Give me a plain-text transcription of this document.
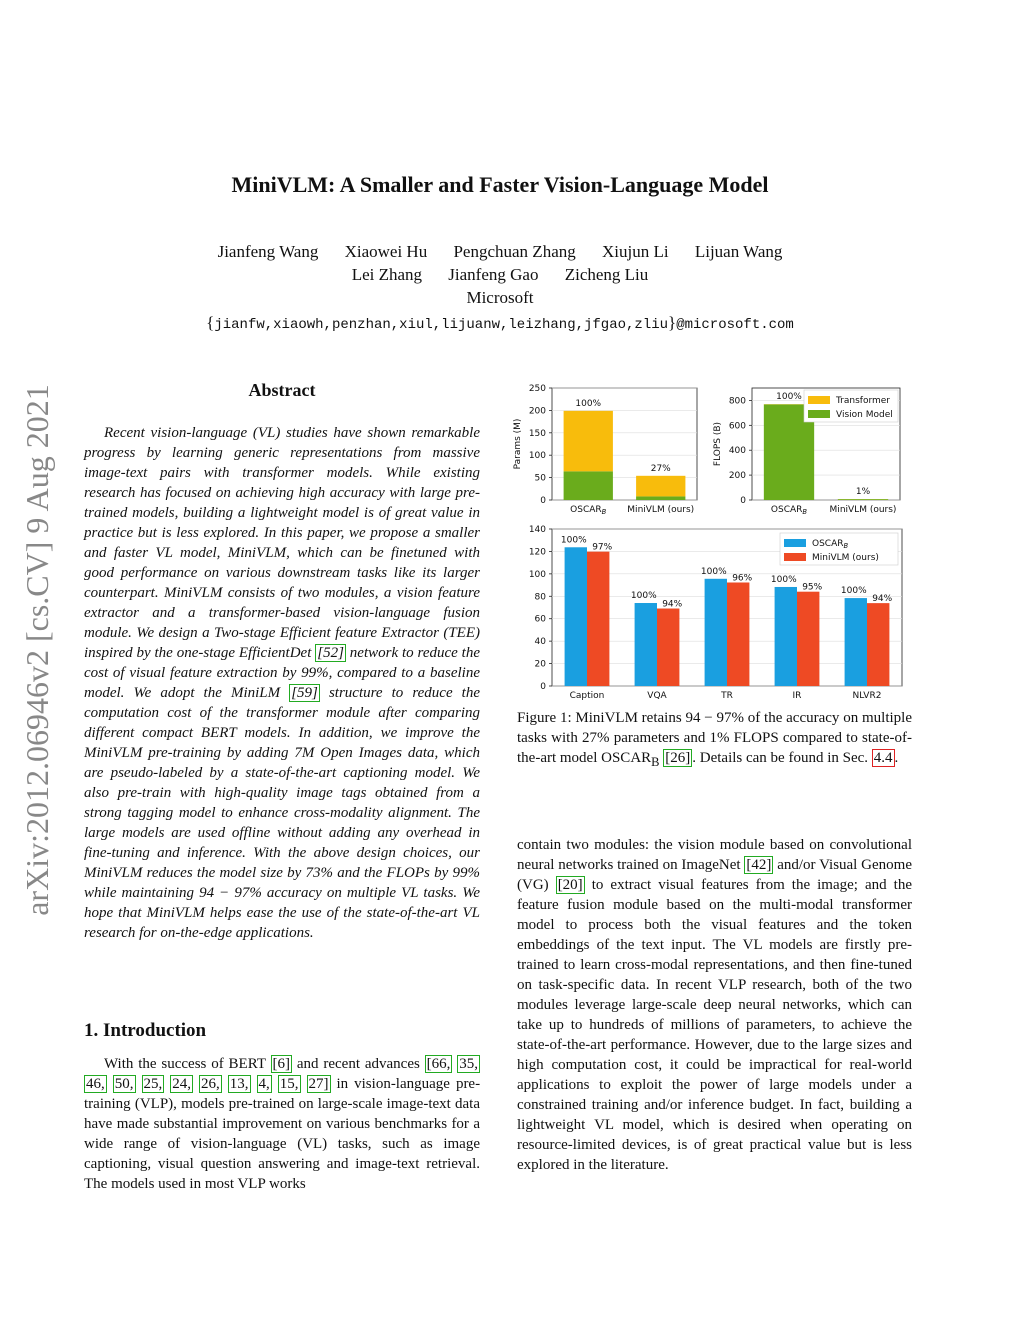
arXiv:2012.06946v2 [cs.CV] 9 Aug 2021
MiniVLM: A Smaller and Faster Vision-Language Model
Jianfeng Wang Xiaowei Hu Pengchuan Zhang Xiujun Li Lijuan Wang
Lei Zhang Jianfeng Gao Zicheng Liu
Microsoft
{jianfw,xiaowh,penzhan,xiul,lijuanw,leizhang,jfgao,zliu}@microsoft.com
Abstract
Recent vision-language (VL) studies have shown remarkable progress by learning generic representations from massive image-text pairs with transformer models. While existing research has focused on achieving high accuracy with large pre-trained models, building a lightweight model is of great value in practice but is less explored. In this paper, we propose a smaller and faster VL model, MiniVLM, which can be finetuned with good performance on various downstream tasks like its larger counterpart. MiniVLM consists of two modules, a vision feature extractor and a transformer-based vision-language fusion module. We design a Two-stage Efficient feature Extractor (TEE) inspired by the one-stage EfficientDet [52] network to reduce the cost of visual feature extraction by 99%, compared to a baseline model. We adopt the MiniLM [59] structure to reduce the computation cost of the transformer module after comparing different compact BERT models. In addition, we improve the MiniVLM pre-training by adding 7M Open Images data, which are pseudo-labeled by a state-of-the-art captioning model. We also pre-train with high-quality image tags obtained from a strong tagging model to enhance cross-modality alignment. The large models are used offline without adding any overhead in fine-tuning and inference. With the above design choices, our MiniVLM reduces the model size by 73% and the FLOPs by 99% while maintaining 94 − 97% accuracy on multiple VL tasks. We hope that MiniVLM helps ease the use of the state-of-the-art VL research for on-the-edge applications.
1. Introduction
With the success of BERT [6] and recent advances [66, 35, 46, 50, 25, 24, 26, 13, 4, 15, 27] in vision-language pre-training (VLP), models pre-trained on large-scale image-text data have made substantial improvement on various benchmarks for a wide range of vision-language (VL) tasks, such as image captioning, visual question answering and image-text retrieval. The models used in most VLP works
0
50
100
150
200
250
Params (M)
100%
$OSCAR_B$
27%
MiniVLM (ours)
0
200
400
600
800
FLOPS (B)
100%
$OSCAR_B$
1%
MiniVLM (ours)
Transformer
Vision Model
0
20
40
60
80
100
120
140
100%
97%
Caption
100%
94%
VQA
100%
96%
TR
100%
95%
IR
100%
94%
NLVR2
$OSCAR_B$
MiniVLM (ours)
Figure 1: MiniVLM retains 94 − 97% of the accuracy on multiple tasks with 27% parameters and 1% FLOPS compared to state-of-the-art model $OSCAR_B$ [26] . Details can be found in Sec. 4.4 .
contain two modules: the vision module based on convolutional neural networks trained on ImageNet [42] and/or Visual Genome (VG) [20] to extract visual features from the image; and the feature fusion module based on the multi-modal transformer model to process both the visual features and the token embeddings of the text input. The VL models are firstly pre-trained to learn cross-modal representations, and then fine-tuned on task-specific data. In recent VLP research, both of the two modules leverage large-scale deep neural networks, which can take up to hundreds of millions of parameters, to achieve the state-of-the-art performance. However, due to the large sizes and high computation cost, it could be impractical for real-world applications to exploit the power of large models under a constrained training and/or inference budget. In fact, building a lightweight VL model, which is desired when operating on resource-limited devices, is of great practical value but is less explored in the literature.
